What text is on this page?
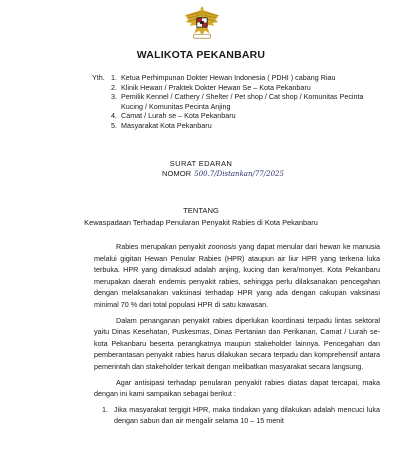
WALIKOTA PEKANBARU
Yth. 1. Ketua Perhimpunan Dokter Hewan Indonesia ( PDHI ) cabang Riau
2. Klinik Hewan / Praktek Dokter Hewan Se – Kota Pekanbaru
3. Pemilik Kennel / Cathery / Shelter / Pet shop / Cat shop / Komunitas Pecinta Kucing / Komunitas Pecinta Anjing
4. Camat / Lurah se – Kota Pekanbaru
5. Masyarakat Kota Pekanbaru
SURAT EDARAN
NOMOR 500.7/Distankan/77/2025
TENTANG
Kewaspadaan Terhadap Penularan Penyakit Rabies di Kota Pekanbaru

Rabies merupakan penyakit zoonosis yang dapat menular dari hewan ke manusia melalui gigitan Hewan Penular Rabies (HPR) ataupun air liur HPR yang terkena luka terbuka. HPR yang dimaksud adalah anjing, kucing dan kera/monyet. Kota Pekanbaru merupakan daerah endemis penyakit rabies, sehingga perlu dilaksanakan pencegahan dengan melaksanakan vaksinasi terhadap HPR yang ada dengan cakupan vaksinasi minimal 70 % dari total populasi HPR di satu kawasan.

Dalam penanganan penyakit rabies diperlukan koordinasi terpadu lintas sektoral yaitu Dinas Kesehatan, Puskesmas, Dinas Pertanian dan Perikanan, Camat / Lurah se-kota Pekanbaru beserta perangkatnya maupun stakeholder lainnya. Pencegahan dan pemberantasan penyakit rabies harus dilakukan secara terpadu dan komprehensif antara pemerintah dan stakeholder terkait dengan melibatkan masyarakat secara langsung.

Agar antisipasi terhadap penularan penyakit rabies diatas dapat tercapai, maka dengan ini kami sampaikan sebagai berikut :

1. Jika masyarakat tergigit HPR, maka tindakan yang dilakukan adalah mencuci luka dengan sabun dan air mengalir selama 10 – 15 menit
